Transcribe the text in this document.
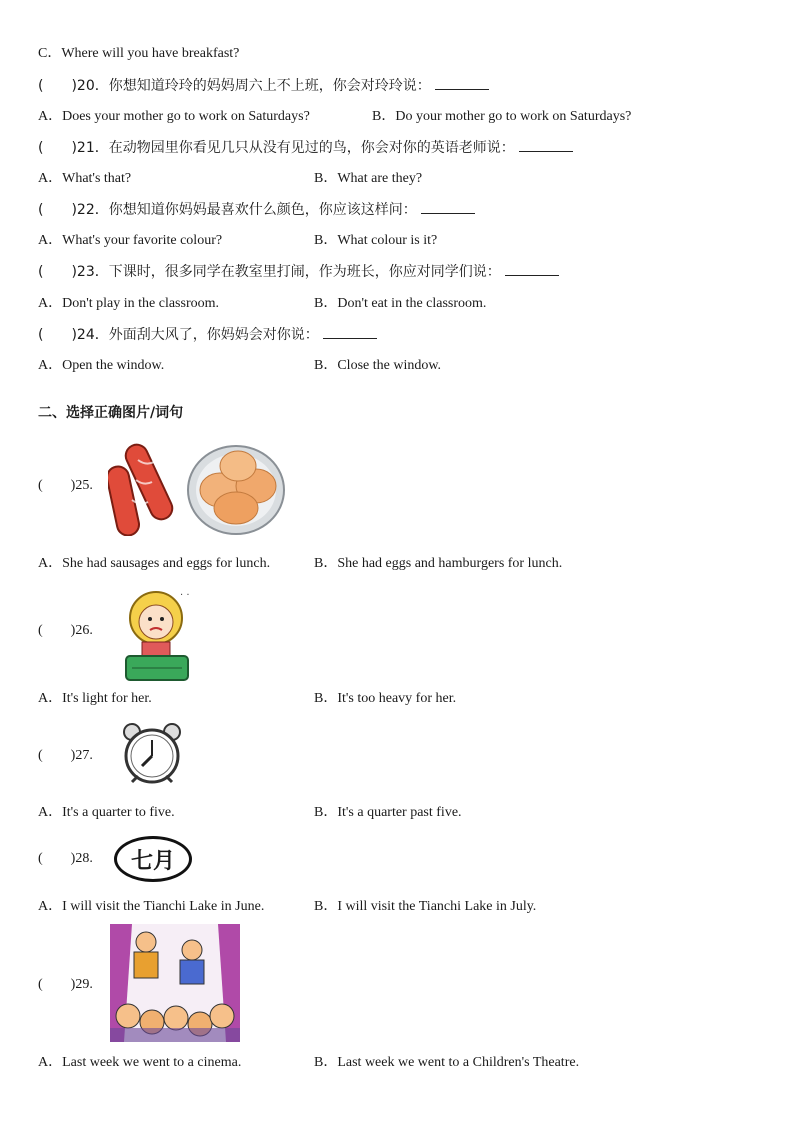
C．Where will you have breakfast?
(　　)20．你想知道玲玲的妈妈周六上不上班，你会对玲玲说：
A．Does your mother go to work on Saturdays?	B．Do your mother go to work on Saturdays?
(　　)21．在动物园里你看见几只从没有见过的鸟，你会对你的英语老师说：
A．What's that?	B．What are they?
(　　)22．你想知道你妈妈最喜欢什么颜色，你应该这样问：
A．What's your favorite colour?	B．What colour is it?
(　　)23．下课时，很多同学在教室里打闹，作为班长，你应对同学们说：
A．Don't play in the classroom.	B．Don't eat in the classroom.
(　　)24．外面刮大风了，你妈妈会对你说：
A．Open the window.	B．Close the window.
二、选择正确图片/词句
(　　)25.
A．She had sausages and eggs for lunch.	B．She had eggs and hamburgers for lunch.
(　　)26.
· ·
A．It's light for her.	B．It's too heavy for her.
(　　)27.
A．It's a quarter to five.	B．It's a quarter past five.
(　　)28.	七月
A．I will visit the Tianchi Lake in June.	B．I will visit the Tianchi Lake in July.
(　　)29.
A．Last week we went to a cinema.	B．Last week we went to a Children's Theatre.
